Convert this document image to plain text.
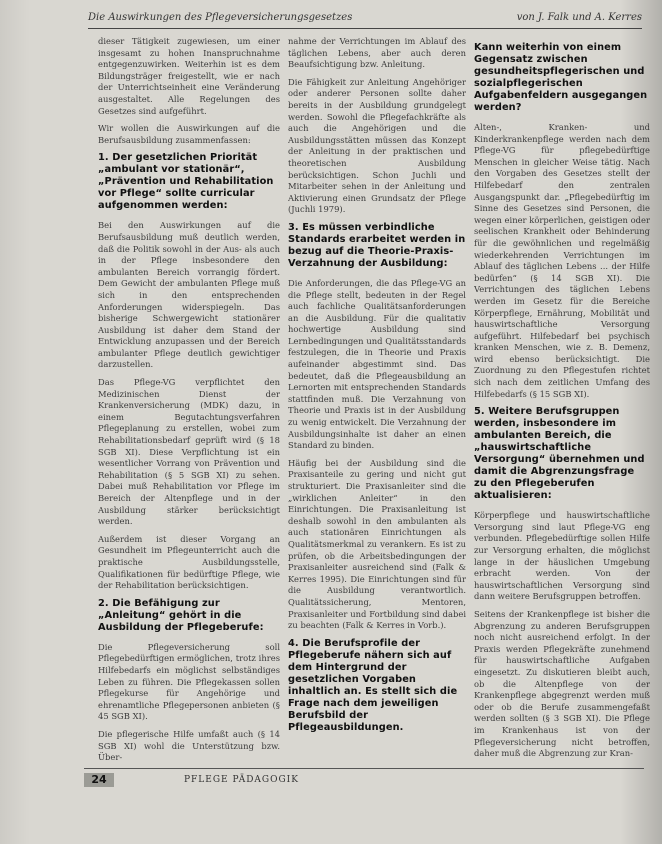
Die Auswirkungen des Pflegeversicherungsgesetzes	von J. Falk und A. Kerres

dieser Tätigkeit zugewiesen, um einer insgesamt zu hohen Inanspruchnahme entgegenzuwirken. Weiterhin ist es dem Bildungsträger freigestellt, wie er nach der Unterrichtseinheit eine Veränderung ausgestaltet. Alle Regelungen des Gesetzes sind aufgeführt.

Wir wollen die Auswirkungen auf die Berufsausbildung zusammenfassen:

1. Der gesetzlichen Priorität „ambulant vor stationär“, „Prävention und Rehabilitation vor Pflege“ sollte curricular aufgenommen werden:

Bei den Auswirkungen auf die Berufsausbildung muß deutlich werden, daß die Politik sowohl in der Aus- als auch in der Pflege insbesondere den ambulanten Bereich vorrangig fördert. Dem Gewicht der ambulanten Pflege muß sich in den entsprechenden Anforderungen widerspiegeln. Das bisherige Schwergewicht stationärer Ausbildung ist daher dem Stand der Entwicklung anzupassen und der Bereich ambulanter Pflege deutlich gewichtiger darzustellen.

Das Pflege-VG verpflichtet den Medizinischen Dienst der Krankenversicherung (MDK) dazu, in einem Begutachtungsverfahren Pflegeplanung zu erstellen, wobei zum Rehabilitationsbedarf geprüft wird (§ 18 SGB XI). Diese Verpflichtung ist ein wesentlicher Vorrang von Prävention und Rehabilitation (§ 5 SGB XI) zu sehen. Dabei muß Rehabilitation vor Pflege im Bereich der Altenpflege und in der Ausbildung stärker berücksichtigt werden.

Außerdem ist dieser Vorgang an Gesundheit im Pflegeunterricht auch die praktische Ausbildungsstelle, Qualifikationen für bedürftige Pflege, wie der Rehabilitation berücksichtigen.

2. Die Befähigung zur „Anleitung“ gehört in die Ausbildung der Pflegeberufe:

Die Pflegeversicherung soll Pflegebedürftigen ermöglichen, trotz ihres Hilfebedarfs ein möglichst selbständiges Leben zu führen. Die Pflegekassen sollen Pflegekurse für Angehörige und ehrenamtliche Pflegepersonen anbieten (§ 45 SGB XI).

Die pflegerische Hilfe umfaßt auch (§ 14 SGB XI) wohl die Unterstützung bzw. Über-

nahme der Verrichtungen im Ablauf des täglichen Lebens, aber auch deren Beaufsichtigung bzw. Anleitung.

Die Fähigkeit zur Anleitung Angehöriger oder anderer Personen sollte daher bereits in der Ausbildung grundgelegt werden. Sowohl die Pflegefachkräfte als auch die Angehörigen und die Ausbildungsstätten müssen das Konzept der Anleitung in der praktischen und theoretischen Ausbildung berücksichtigen. Schon Juchli und Mitarbeiter sehen in der Anleitung und Aktivierung einen Grundsatz der Pflege (Juchli 1979).

3. Es müssen verbindliche Standards erarbeitet werden in bezug auf die Theorie-Praxis-Verzahnung der Ausbildung:

Die Anforderungen, die das Pflege-VG an die Pflege stellt, bedeuten in der Regel auch fachliche Qualitätsanforderungen an die Ausbildung. Für die qualitativ hochwertige Ausbildung sind Lernbedingungen und Qualitätsstandards festzulegen, die in Theorie und Praxis aufeinander abgestimmt sind. Das bedeutet, daß die Pflegeausbildung an Lernorten mit entsprechenden Standards stattfinden muß. Die Verzahnung von Theorie und Praxis ist in der Ausbildung zu wenig entwickelt. Die Verzahnung der Ausbildungsinhalte ist daher an einen Standard zu binden.

Häufig bei der Ausbildung sind die Praxisanteile zu gering und nicht gut strukturiert. Die Praxisanleiter sind die „wirklichen Anleiter“ in den Einrichtungen. Die Praxisanleitung ist deshalb sowohl in den ambulanten als auch stationären Einrichtungen als Qualitätsmerkmal zu verankern. Es ist zu prüfen, ob die Arbeitsbedingungen der Praxisanleiter ausreichend sind (Falk & Kerres 1995). Die Einrichtungen sind für die Ausbildung verantwortlich. Qualitätssicherung, Mentoren, Praxisanleiter und Fortbildung sind dabei zu beachten (Falk & Kerres in Vorb.).

4. Die Berufsprofile der Pflegeberufe nähern sich auf dem Hintergrund der gesetzlichen Vorgaben inhaltlich an. Es stellt sich die Frage nach dem jeweiligen Berufsbild der Pflegeausbildungen.
Kann weiterhin von einem Gegensatz zwischen gesundheitspflegerischen und sozialpflegerischen Aufgabenfeldern ausgegangen werden?

Alten-, Kranken- und Kinderkrankenpflege werden nach dem Pflege-VG für pflegebedürftige Menschen in gleicher Weise tätig. Nach den Vorgaben des Gesetzes stellt der Hilfebedarf den zentralen Ausgangspunkt dar. „Pflegebedürftig im Sinne des Gesetzes sind Personen, die wegen einer körperlichen, geistigen oder seelischen Krankheit oder Behinderung für die gewöhnlichen und regelmäßig wiederkehrenden Verrichtungen im Ablauf des täglichen Lebens ... der Hilfe bedürfen“ (§ 14 SGB XI). Die Verrichtungen des täglichen Lebens werden im Gesetz für die Bereiche Körperpflege, Ernährung, Mobilität und hauswirtschaftliche Versorgung aufgeführt. Hilfebedarf bei psychisch kranken Menschen, wie z. B. Demenz, wird ebenso berücksichtigt. Die Zuordnung zu den Pflegestufen richtet sich nach dem zeitlichen Umfang des Hilfebedarfs (§ 15 SGB XI).

5. Weitere Berufsgruppen werden, insbesondere im ambulanten Bereich, die „hauswirtschaftliche Versorgung“ übernehmen und damit die Abgrenzungsfrage zu den Pflegeberufen aktualisieren:

Körperpflege und hauswirtschaftliche Versorgung sind laut Pflege-VG eng verbunden. Pflegebedürftige sollen Hilfe zur Versorgung erhalten, die möglichst lange in der häuslichen Umgebung erbracht werden. Von der hauswirtschaftlichen Versorgung sind dann weitere Berufsgruppen betroffen.

Seitens der Krankenpflege ist bisher die Abgrenzung zu anderen Berufsgruppen noch nicht ausreichend erfolgt. In der Praxis werden Pflegekräfte zunehmend für hauswirtschaftliche Aufgaben eingesetzt. Zu diskutieren bleibt auch, ob die Altenpflege von der Krankenpflege abgegrenzt werden muß oder ob die Berufe zusammengefaßt werden sollten (§ 3 SGB XI). Die Pflege im Krankenhaus ist von der Pflegeversicherung nicht betroffen, daher muß die Abgrenzung zur Kran-

24	PFLEGE PÄDAGOGIK
